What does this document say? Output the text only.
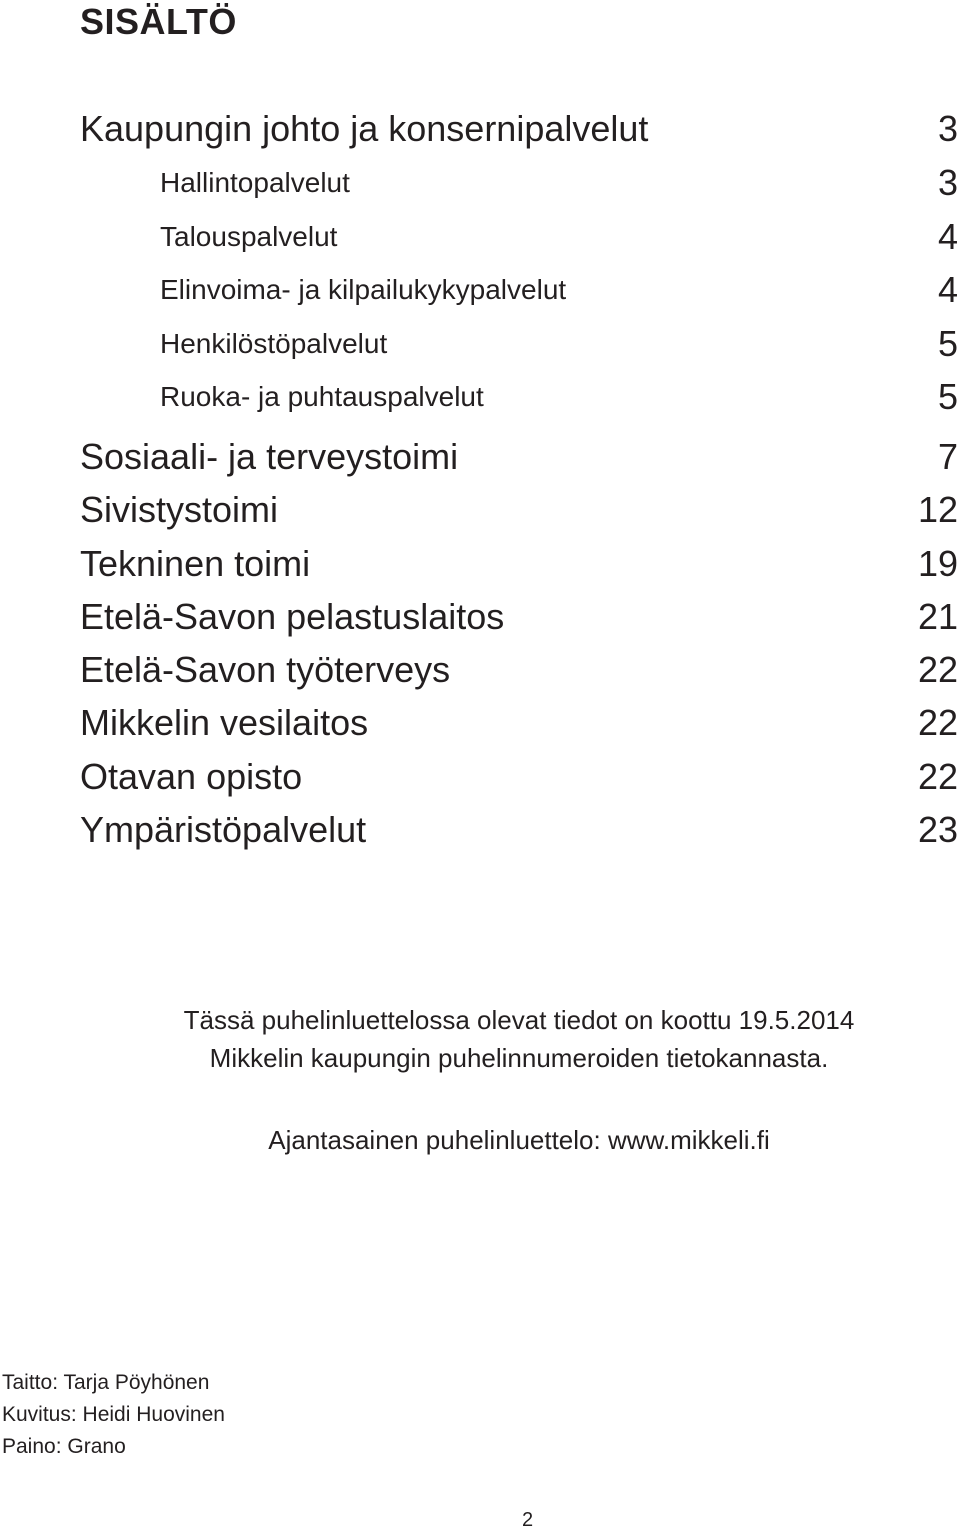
SISÄLTÖ
Kaupungin johto ja konsernipalvelut	3
Hallintopalvelut	3
Talouspalvelut	4
Elinvoima- ja kilpailukykypalvelut	4
Henkilöstöpalvelut	5
Ruoka- ja puhtauspalvelut	5
Sosiaali- ja terveystoimi	7
Sivistystoimi	12
Tekninen toimi	19
Etelä-Savon pelastuslaitos	21
Etelä-Savon työterveys	22
Mikkelin vesilaitos	22
Otavan opisto	22
Ympäristöpalvelut	23
Tässä puhelinluettelossa olevat tiedot on koottu 19.5.2014
Mikkelin kaupungin puhelinnumeroiden tietokannasta.
Ajantasainen puhelinluettelo: www.mikkeli.fi
Taitto: Tarja Pöyhönen
Kuvitus: Heidi Huovinen
Paino: Grano
2
